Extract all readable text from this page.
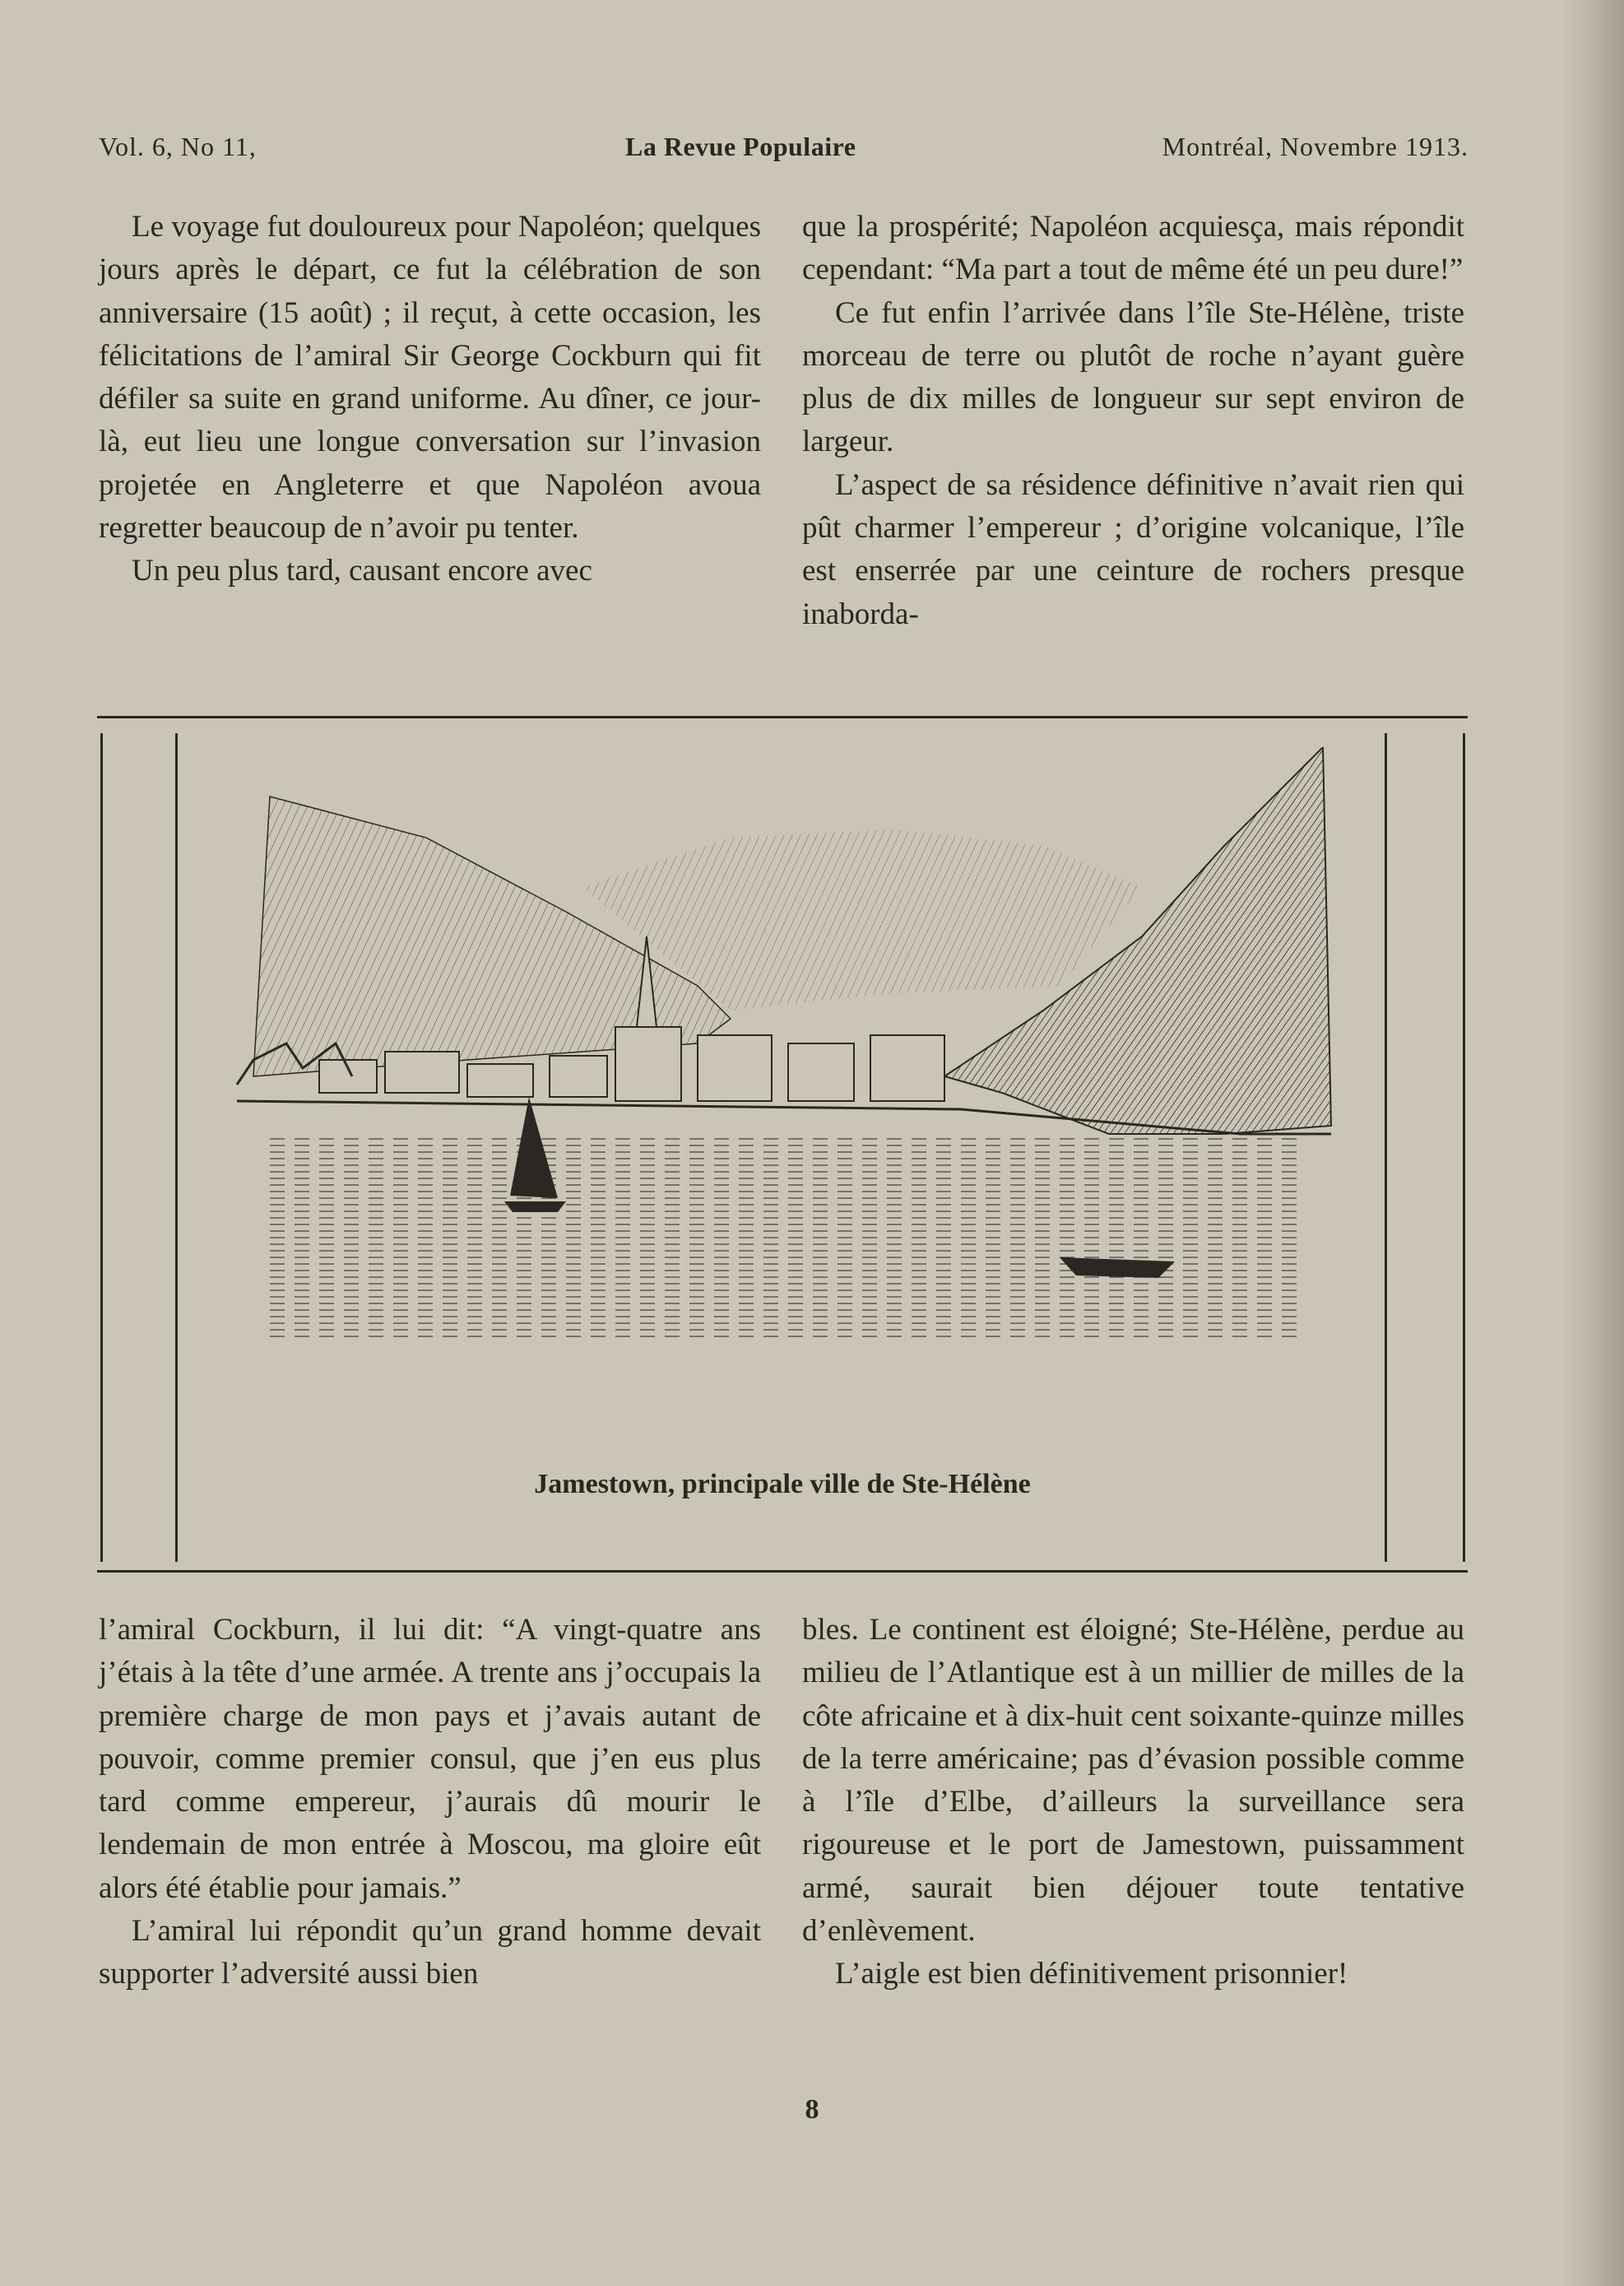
Vol. 6, No 11,	La Revue Populaire	Montréal, Novembre 1913.

Le voyage fut douloureux pour Napoléon; quelques jours après le départ, ce fut la célébration de son anniversaire (15 août) ; il reçut, à cette occasion, les félicitations de l’amiral Sir George Cockburn qui fit défiler sa suite en grand uniforme. Au dîner, ce jour-là, eut lieu une longue conversation sur l’invasion projetée en Angleterre et que Napoléon avoua regretter beaucoup de n’avoir pu tenter.

Un peu plus tard, causant encore avec

que la prospérité; Napoléon acquiesça, mais répondit cependant: “Ma part a tout de même été un peu dure!”

Ce fut enfin l’arrivée dans l’île Ste-Hélène, triste morceau de terre ou plutôt de roche n’ayant guère plus de dix milles de longueur sur sept environ de largeur.

L’aspect de sa résidence définitive n’avait rien qui pût charmer l’empereur ; d’origine volcanique, l’île est enserrée par une ceinture de rochers presque inaborda-

Jamestown, principale ville de Ste-Hélène

l’amiral Cockburn, il lui dit: “A vingt-quatre ans j’étais à la tête d’une armée. A trente ans j’occupais la première charge de mon pays et j’avais autant de pouvoir, comme premier consul, que j’en eus plus tard comme empereur, j’aurais dû mourir le lendemain de mon entrée à Moscou, ma gloire eût alors été établie pour jamais.”

L’amiral lui répondit qu’un grand homme devait supporter l’adversité aussi bien

bles. Le continent est éloigné; Ste-Hélène, perdue au milieu de l’Atlantique est à un millier de milles de la côte africaine et à dix-huit cent soixante-quinze milles de la terre américaine; pas d’évasion possible comme à l’île d’Elbe, d’ailleurs la surveillance sera rigoureuse et le port de Jamestown, puissamment armé, saurait bien déjouer toute tentative d’enlèvement.

L’aigle est bien définitivement prisonnier!

8
